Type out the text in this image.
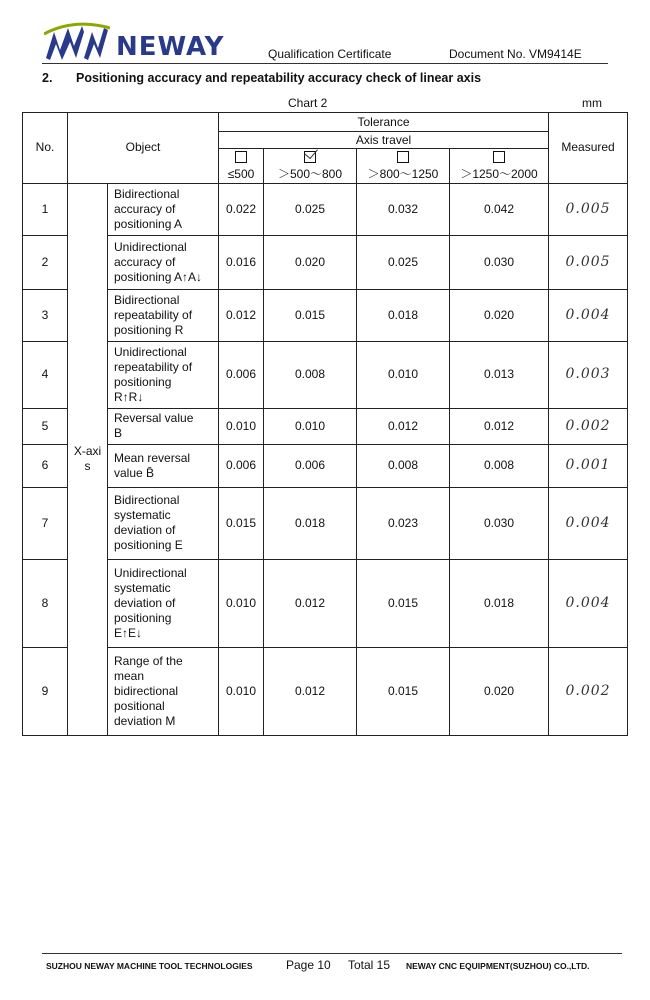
NEWAY	Qualification Certificate	Document No. VM9414E
2. Positioning accuracy and repeatability accuracy check of linear axis
Chart 2	mm
No.	Object		Tolerance				Measured
			Axis travel				

			≤500	＞500～800	＞800～1250	＞1250～2000	
1	X-axis	Bidirectional
accuracy of
positioning A	0.022	0.025	0.032	0.042	0.005
2		Unidirectional
accuracy of
positioning A↑A↓	0.016	0.020	0.025	0.030	0.005
3		Bidirectional
repeatability of
positioning R	0.012	0.015	0.018	0.020	0.004
4		Unidirectional
repeatability of
positioning
R↑R↓	0.006	0.008	0.010	0.013	0.003
5		Reversal value
B	0.010	0.010	0.012	0.012	0.002
6		Mean reversal
value B̄	0.006	0.006	0.008	0.008	0.001
7		Bidirectional
systematic
deviation of
positioning E	0.015	0.018	0.023	0.030	0.004
8		Unidirectional
systematic
deviation of
positioning
E↑E↓	0.010	0.012	0.015	0.018	0.004
9		Range of the
mean
bidirectional
positional
deviation M	0.010	0.012	0.015	0.020	0.002
SUZHOU NEWAY MACHINE TOOL TECHNOLOGIES	Page 10 Total 15 NEWAY CNC EQUIPMENT(SUZHOU) CO.,LTD.
